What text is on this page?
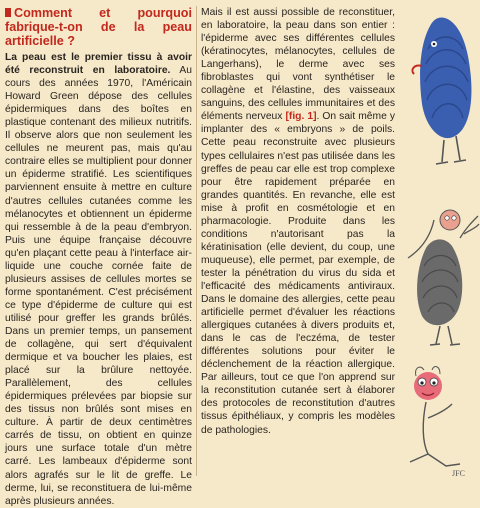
Comment et pourquoi fabrique-t-on de la peau artificielle ?

La peau est le premier tissu à avoir été reconstruit en laboratoire. Au cours des années 1970, l'Américain Howard Green dépose des cellules épidermiques dans des boîtes en plastique contenant des milieux nutritifs. Il observe alors que non seulement les cellules ne meurent pas, mais qu'au contraire elles se multiplient pour donner un épiderme stratifié. Les scientifiques parviennent ensuite à mettre en culture d'autres cellules cutanées comme les mélanocytes et obtiennent un épiderme qui ressemble à de la peau d'embryon. Puis une équipe française découvre qu'en plaçant cette peau à l'interface air-liquide une couche cornée faite de plusieurs assises de cellules mortes se forme spontanément. C'est précisément ce type d'épiderme de culture qui est utilisé pour greffer les grands brûlés. Dans un premier temps, un pansement de collagène, qui sert d'équivalent dermique et va boucher les plaies, est placé sur la brûlure nettoyée. Parallèlement, des cellules épidermiques prélevées par biopsie sur des tissus non brûlés sont mises en culture. À partir de deux centimètres carrés de tissu, on obtient en quinze jours une surface totale d'un mètre carré. Les lambeaux d'épiderme sont alors agrafés sur le lit de greffe. Le derme, lui, se reconstituera de lui-même après plusieurs années.

Mais il est aussi possible de reconstituer, en laboratoire, la peau dans son entier : l'épiderme avec ses différentes cellules (kératinocytes, mélanocytes, cellules de Langerhans), le derme avec ses fibroblastes qui vont synthétiser le collagène et l'élastine, des vaisseaux sanguins, des cellules immunitaires et des éléments nerveux [fig. 1]. On sait même y implanter des « embryons » de poils. Cette peau reconstruite avec plusieurs types cellulaires n'est pas utilisée dans les greffes de peau car elle est trop complexe pour être rapidement préparée en grandes quantités. En revanche, elle est mise à profit en cosmétologie et en pharmacologie. Produite dans les conditions n'autorisant pas la kératinisation (elle devient, du coup, une muqueuse), elle permet, par exemple, de tester la pénétration du virus du sida et l'efficacité des médicaments antiviraux. Dans le domaine des allergies, cette peau artificielle permet d'évaluer les réactions allergiques cutanées à divers produits et, dans le cas de l'eczéma, de tester différentes solutions pour éviter le déclenchement de la réaction allergique. Par ailleurs, tout ce que l'on apprend sur la reconstitution cutanée sert à élaborer des protocoles de reconstitution d'autres tissus épithéliaux, y compris les modèles de pathologies.

JFC
